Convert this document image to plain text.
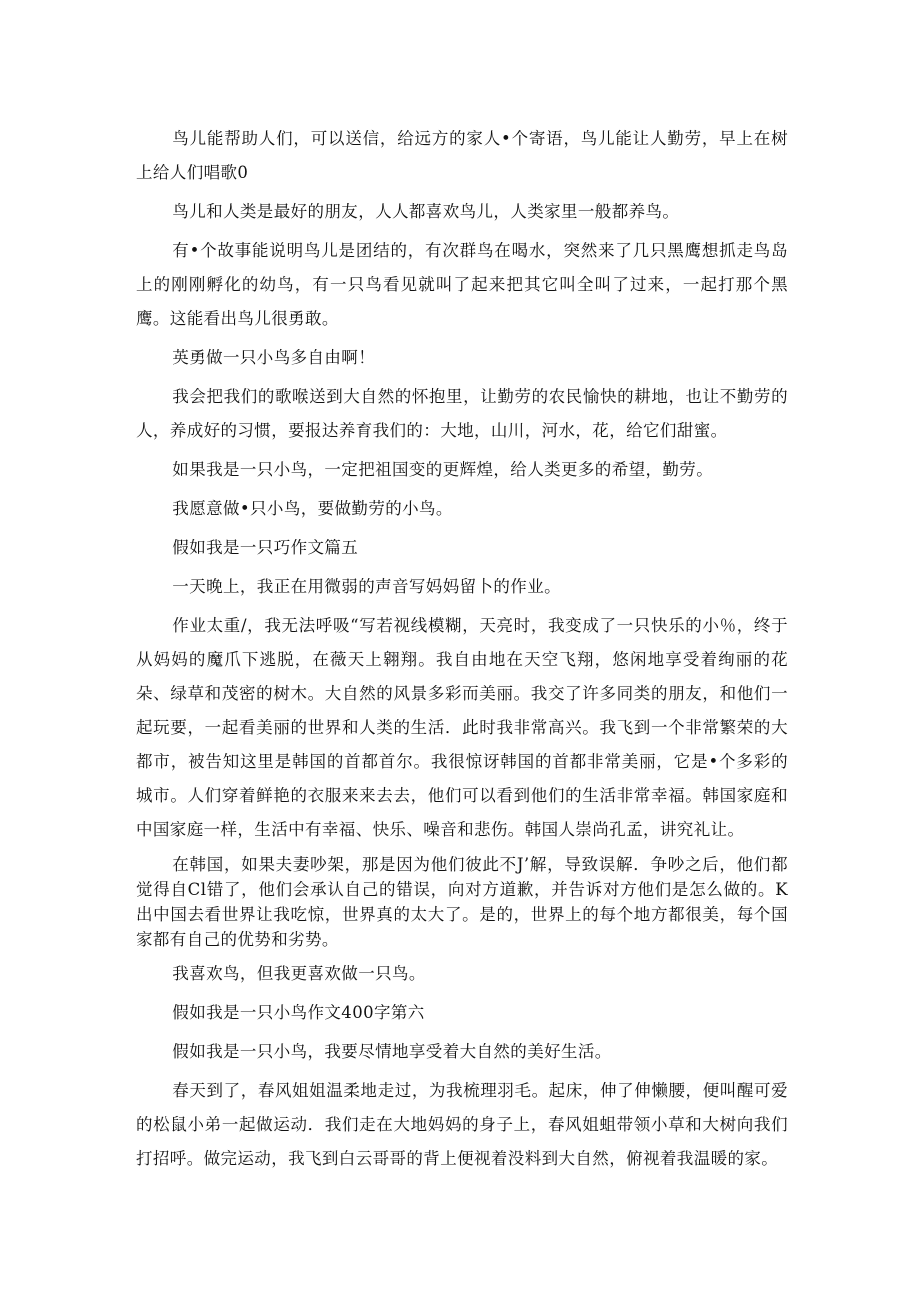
鸟儿能帮助人们，可以送信，给远方的家人•个寄语，鸟儿能让人勤劳，早上在树上给人们唱歌0

鸟儿和人类是最好的朋友，人人都喜欢鸟儿，人类家里一般都养鸟。

有•个故事能说明鸟儿是团结的，有次群鸟在喝水，突然来了几只黑鹰想抓走鸟岛上的刚刚孵化的幼鸟，有一只鸟看见就叫了起来把其它叫全叫了过来，一起打那个黑鹰。这能看出鸟儿很勇敢。

英勇做一只小鸟多自由啊！

我会把我们的歌喉送到大自然的怀抱里，让勤劳的农民愉快的耕地，也让不勤劳的人，养成好的习惯，要报达养育我们的：大地，山川，河水，花，给它们甜蜜。

如果我是一只小鸟，一定把祖国变的更辉煌，给人类更多的希望，勤劳。

我愿意做•只小鸟，要做勤劳的小鸟。

假如我是一只巧作文篇五

一天晚上，我正在用微弱的声音写妈妈留卜的作业。

作业太重/，我无法呼吸“写若视线模糊，天亮时，我变成了一只快乐的小％，终于从妈妈的魔爪下逃脱，在薇天上翱翔。我自由地在天空飞翔，悠闲地享受着绚丽的花朵、绿草和茂密的树木。大自然的风景多彩而美丽。我交了许多同类的朋友，和他们一起玩要，一起看美丽的世界和人类的生活．此时我非常高兴。我飞到一个非常繁荣的大都市，被告知这里是韩国的首都首尔。我很惊讶韩国的首都非常美丽，它是•个多彩的城市。人们穿着鲜艳的衣服来来去去，他们可以看到他们的生活非常幸福。韩国家庭和中国家庭一样，生活中有幸福、快乐、噪音和悲伤。韩国人崇尚孔孟，讲究礼让。

在韩国，如果夫妻吵架，那是因为他们彼此不J’解，导致误解．争吵之后，他们都觉得自Cl错了，他们会承认自己的错误，向对方道歉，并告诉对方他们是怎么做的。K出中国去看世界让我吃惊，世界真的太大了。是的，世界上的每个地方都很美，每个国家都有自己的优势和劣势。

我喜欢鸟，但我更喜欢做一只鸟。

假如我是一只小鸟作文400字第六

假如我是一只小鸟，我要尽情地享受着大自然的美好生活。

春天到了，春风姐姐温柔地走过，为我梳理羽毛。起床，伸了伸懒腰，便叫醒可爱的松鼠小弟一起做运动．我们走在大地妈妈的身子上，春风姐蛆带领小草和大树向我们打招呼。做完运动，我飞到白云哥哥的背上便视着没料到大自然，俯视着我温暖的家。
